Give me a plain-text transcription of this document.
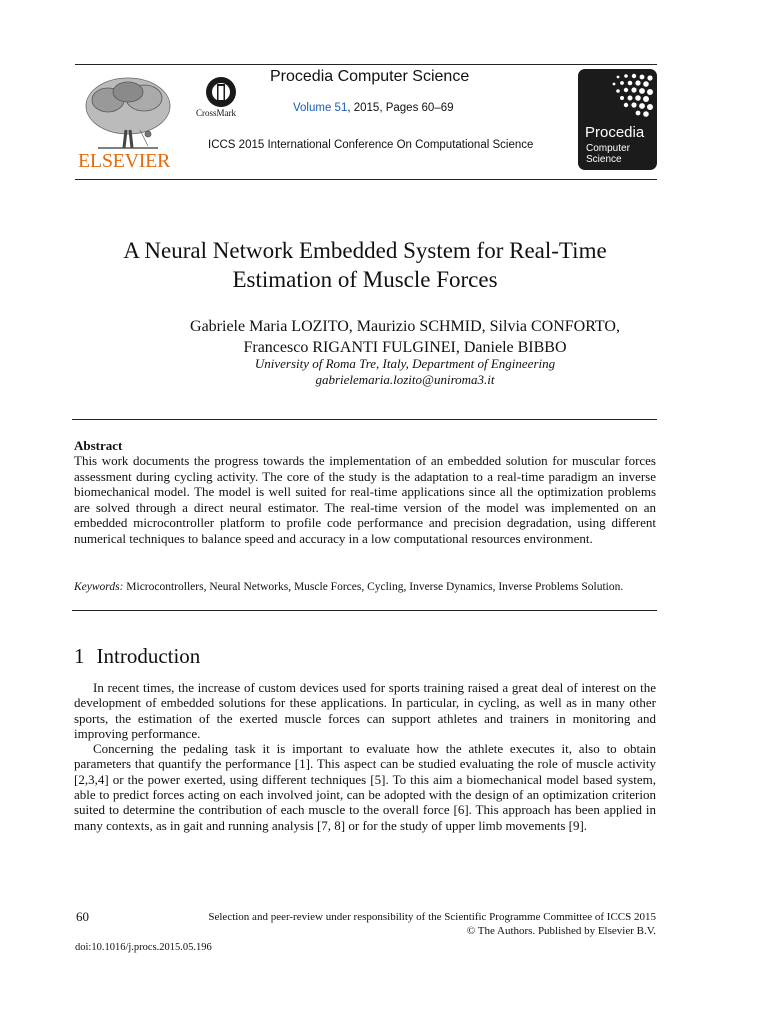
ELSEVIER
CrossMark
Procedia Computer Science
Volume 51, 2015, Pages 60–69
ICCS 2015 International Conference On Computational Science
Procedia
Computer
Science
A Neural Network Embedded System for Real-Time
Estimation of Muscle Forces
Gabriele Maria LOZITO, Maurizio SCHMID, Silvia CONFORTO,
Francesco RIGANTI FULGINEI, Daniele BIBBO
University of Roma Tre, Italy, Department of Engineering
gabrielemaria.lozito@uniroma3.it
Abstract
This work documents the progress towards the implementation of an embedded solution for muscular forces assessment during cycling activity. The core of the study is the adaptation to a real-time paradigm an inverse biomechanical model. The model is well suited for real-time applications since all the optimization problems are solved through a direct neural estimator. The real-time version of the model was implemented on an embedded microcontroller platform to profile code performance and precision degradation, using different numerical techniques to balance speed and accuracy in a low computational resources environment.
Keywords: Microcontrollers, Neural Networks, Muscle Forces, Cycling, Inverse Dynamics, Inverse Problems Solution.
1 Introduction

In recent times, the increase of custom devices used for sports training raised a great deal of interest on the development of embedded solutions for these applications. In particular, in cycling, as well as in many other sports, the estimation of the exerted muscle forces can support athletes and trainers in monitoring and improving performance.

Concerning the pedaling task it is important to evaluate how the athlete executes it, also to obtain parameters that quantify the performance [1]. This aspect can be studied evaluating the role of muscle activity [2,3,4] or the power exerted, using different techniques [5]. To this aim a biomechanical model based system, able to predict forces acting on each involved joint, can be adopted with the design of an optimization criterion suited to determine the contribution of each muscle to the overall force [6]. This approach has been applied in many contexts, as in gait and running analysis [7, 8] or for the study of upper limb movements [9].

60	Selection and peer-review under responsibility of the Scientific Programme Committee of ICCS 2015
© The Authors. Published by Elsevier B.V.
doi:10.1016/j.procs.2015.05.196
